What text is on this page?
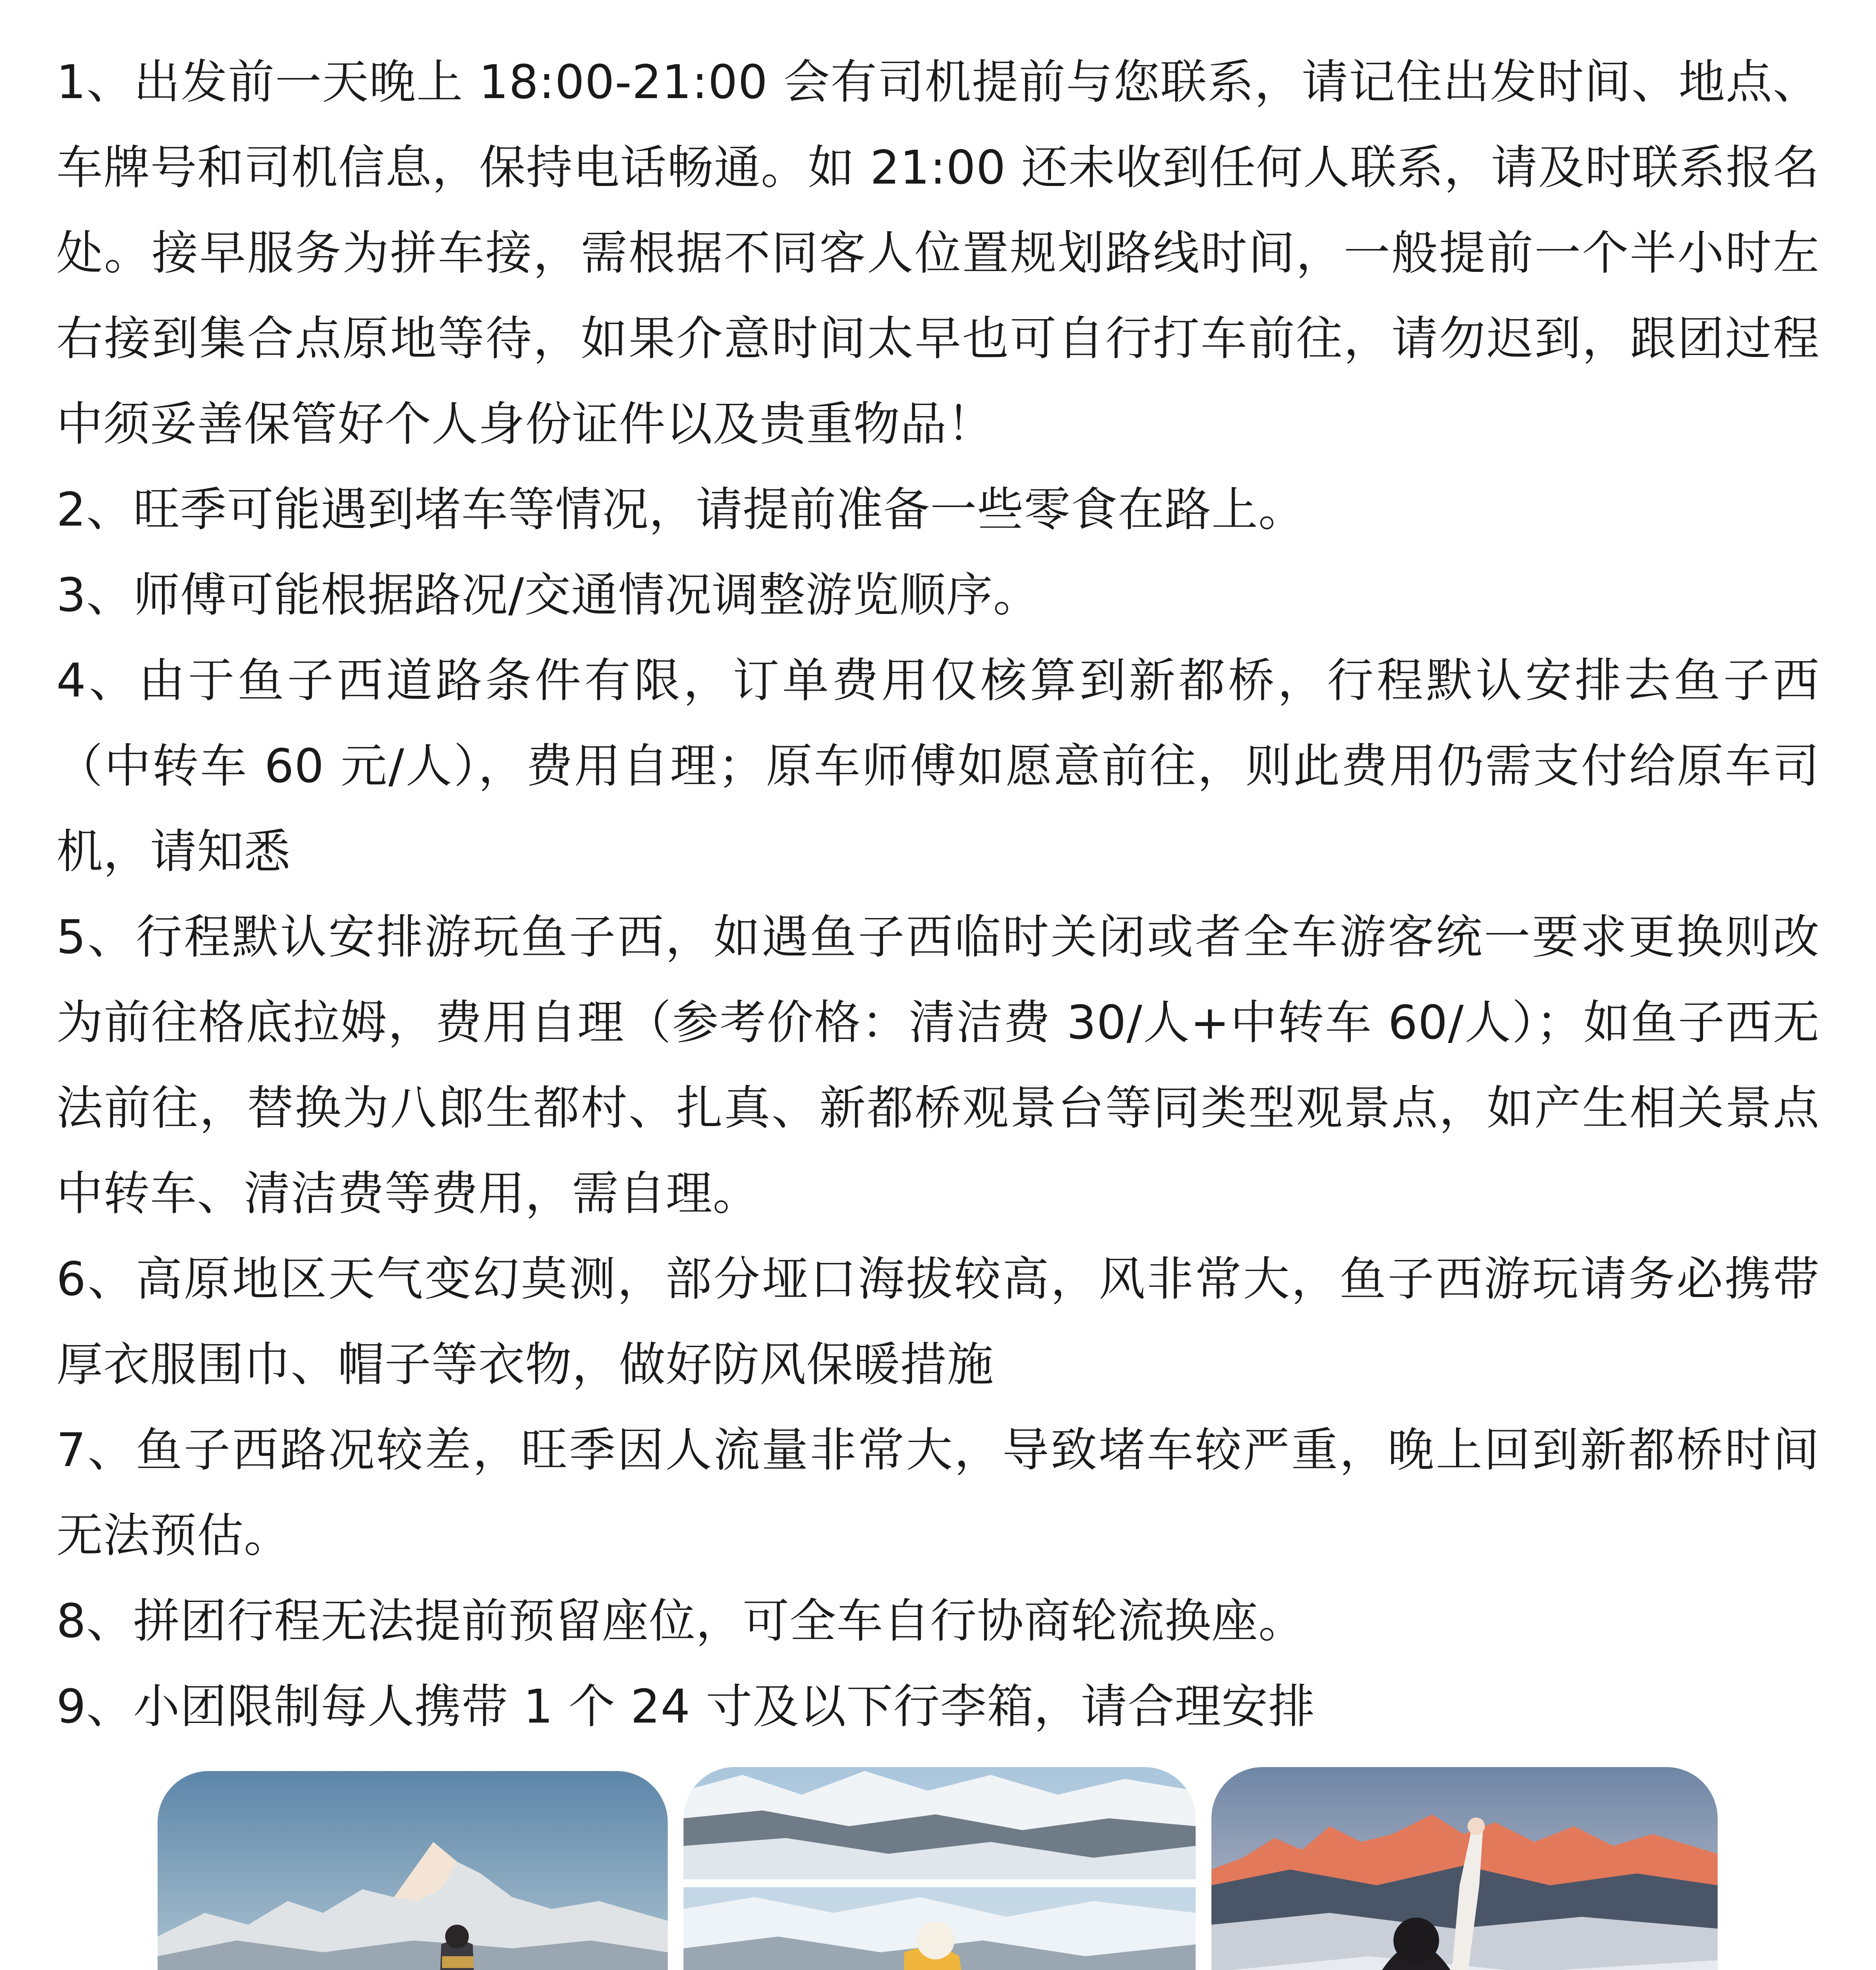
1、出发前一天晚上 18:00-21:00 会有司机提前与您联系，请记住出发时间、地点、车牌号和司机信息，保持电话畅通。如 21:00 还未收到任何人联系，请及时联系报名处。接早服务为拼车接，需根据不同客人位置规划路线时间，一般提前一个半小时左右接到集合点原地等待，如果介意时间太早也可自行打车前往，请勿迟到，跟团过程中须妥善保管好个人身份证件以及贵重物品！
2、旺季可能遇到堵车等情况，请提前准备一些零食在路上。
3、师傅可能根据路况/交通情况调整游览顺序。
4、由于鱼子西道路条件有限，订单费用仅核算到新都桥，行程默认安排去鱼子西（中转车 60 元/人），费用自理；原车师傅如愿意前往，则此费用仍需支付给原车司机，请知悉
5、行程默认安排游玩鱼子西，如遇鱼子西临时关闭或者全车游客统一要求更换则改为前往格底拉姆，费用自理（参考价格：清洁费 30/人+中转车 60/人）；如鱼子西无法前往，替换为八郎生都村、扎真、新都桥观景台等同类型观景点，如产生相关景点中转车、清洁费等费用，需自理。
6、高原地区天气变幻莫测，部分垭口海拔较高，风非常大，鱼子西游玩请务必携带厚衣服围巾、帽子等衣物，做好防风保暖措施
7、鱼子西路况较差，旺季因人流量非常大，导致堵车较严重，晚上回到新都桥时间无法预估。
8、拼团行程无法提前预留座位，可全车自行协商轮流换座。
9、小团限制每人携带 1 个 24 寸及以下行李箱，请合理安排
